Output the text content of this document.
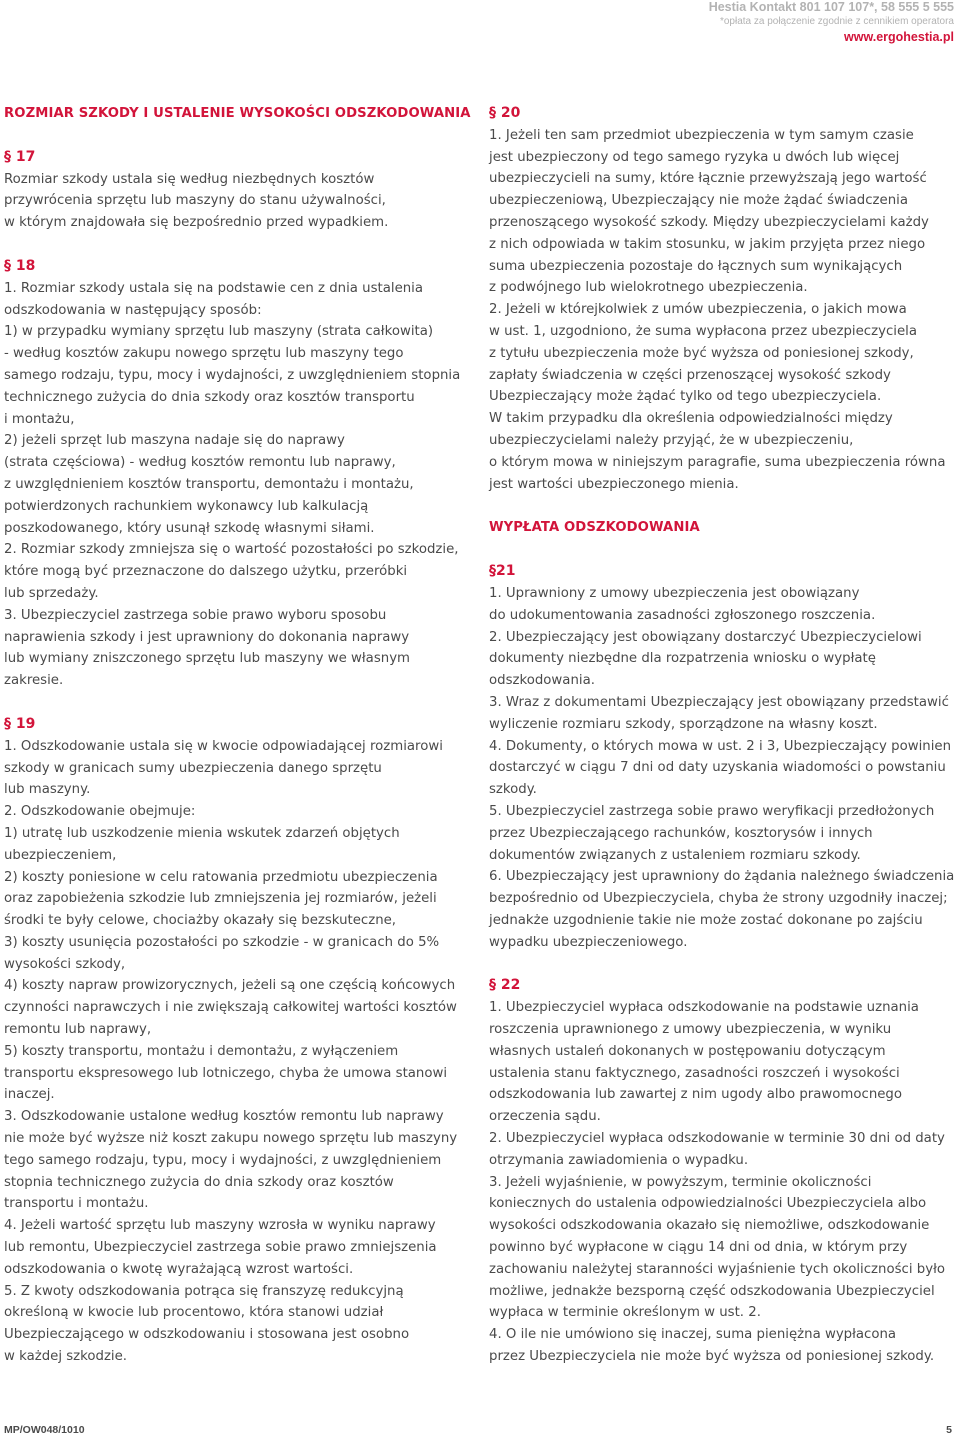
Hestia Kontakt 801 107 107*, 58 555 5 555
*opłata za połączenie zgodnie z cennikiem operatora
www.ergohestia.pl

ROZMIAR SZKODY I USTALENIE WYSOKOŚCI ODSZKODOWANIA

§ 17

Rozmiar szkody ustala się według niezbędnych kosztów

przywrócenia sprzętu lub maszyny do stanu używalności,

w którym znajdowała się bezpośrednio przed wypadkiem.

§ 18

1. Rozmiar szkody ustala się na podstawie cen z dnia ustalenia

odszkodowania w następujący sposób:

1) w przypadku wymiany sprzętu lub maszyny (strata całkowita)

- według kosztów zakupu nowego sprzętu lub maszyny tego

samego rodzaju, typu, mocy i wydajności, z uwzględnieniem stopnia

technicznego zużycia do dnia szkody oraz kosztów transportu

i montażu,

2) jeżeli sprzęt lub maszyna nadaje się do naprawy

(strata częściowa) - według kosztów remontu lub naprawy,

z uwzględnieniem kosztów transportu, demontażu i montażu,

potwierdzonych rachunkiem wykonawcy lub kalkulacją

poszkodowanego, który usunął szkodę własnymi siłami.

2. Rozmiar szkody zmniejsza się o wartość pozostałości po szkodzie,

które mogą być przeznaczone do dalszego użytku, przeróbki

lub sprzedaży.

3. Ubezpieczyciel zastrzega sobie prawo wyboru sposobu

naprawienia szkody i jest uprawniony do dokonania naprawy

lub wymiany zniszczonego sprzętu lub maszyny we własnym

zakresie.

§ 19

1. Odszkodowanie ustala się w kwocie odpowiadającej rozmiarowi

szkody w granicach sumy ubezpieczenia danego sprzętu

lub maszyny.

2. Odszkodowanie obejmuje:

1) utratę lub uszkodzenie mienia wskutek zdarzeń objętych

ubezpieczeniem,

2) koszty poniesione w celu ratowania przedmiotu ubezpieczenia

oraz zapobieżenia szkodzie lub zmniejszenia jej rozmiarów, jeżeli

środki te były celowe, chociażby okazały się bezskuteczne,

3) koszty usunięcia pozostałości po szkodzie - w granicach do 5%

wysokości szkody,

4) koszty napraw prowizorycznych, jeżeli są one częścią końcowych

czynności naprawczych i nie zwiększają całkowitej wartości kosztów

remontu lub naprawy,

5) koszty transportu, montażu i demontażu, z wyłączeniem

transportu ekspresowego lub lotniczego, chyba że umowa stanowi

inaczej.

3. Odszkodowanie ustalone według kosztów remontu lub naprawy

nie może być wyższe niż koszt zakupu nowego sprzętu lub maszyny

tego samego rodzaju, typu, mocy i wydajności, z uwzględnieniem

stopnia technicznego zużycia do dnia szkody oraz kosztów

transportu i montażu.

4. Jeżeli wartość sprzętu lub maszyny wzrosła w wyniku naprawy

lub remontu, Ubezpieczyciel zastrzega sobie prawo zmniejszenia

odszkodowania o kwotę wyrażającą wzrost wartości.

5. Z kwoty odszkodowania potrąca się franszyzę redukcyjną

określoną w kwocie lub procentowo, która stanowi udział

Ubezpieczającego w odszkodowaniu i stosowana jest osobno

w każdej szkodzie.

§ 20

1. Jeżeli ten sam przedmiot ubezpieczenia w tym samym czasie

jest ubezpieczony od tego samego ryzyka u dwóch lub więcej

ubezpieczycieli na sumy, które łącznie przewyższają jego wartość

ubezpieczeniową, Ubezpieczający nie może żądać świadczenia

przenoszącego wysokość szkody. Między ubezpieczycielami każdy

z nich odpowiada w takim stosunku, w jakim przyjęta przez niego

suma ubezpieczenia pozostaje do łącznych sum wynikających

z podwójnego lub wielokrotnego ubezpieczenia.

2. Jeżeli w którejkolwiek z umów ubezpieczenia, o jakich mowa

w ust. 1, uzgodniono, że suma wypłacona przez ubezpieczyciela

z tytułu ubezpieczenia może być wyższa od poniesionej szkody,

zapłaty świadczenia w części przenoszącej wysokość szkody

Ubezpieczający może żądać tylko od tego ubezpieczyciela.

W takim przypadku dla określenia odpowiedzialności między

ubezpieczycielami należy przyjąć, że w ubezpieczeniu,

o którym mowa w niniejszym paragrafie, suma ubezpieczenia równa

jest wartości ubezpieczonego mienia.

WYPŁATA ODSZKODOWANIA

§21

1. Uprawniony z umowy ubezpieczenia jest obowiązany

do udokumentowania zasadności zgłoszonego roszczenia.

2. Ubezpieczający jest obowiązany dostarczyć Ubezpieczycielowi

dokumenty niezbędne dla rozpatrzenia wniosku o wypłatę

odszkodowania.

3. Wraz z dokumentami Ubezpieczający jest obowiązany przedstawić

wyliczenie rozmiaru szkody, sporządzone na własny koszt.

4. Dokumenty, o których mowa w ust. 2 i 3, Ubezpieczający powinien

dostarczyć w ciągu 7 dni od daty uzyskania wiadomości o powstaniu

szkody.

5. Ubezpieczyciel zastrzega sobie prawo weryfikacji przedłożonych

przez Ubezpieczającego rachunków, kosztorysów i innych

dokumentów związanych z ustaleniem rozmiaru szkody.

6. Ubezpieczający jest uprawniony do żądania należnego świadczenia

bezpośrednio od Ubezpieczyciela, chyba że strony uzgodniły inaczej;

jednakże uzgodnienie takie nie może zostać dokonane po zajściu

wypadku ubezpieczeniowego.

§ 22

1. Ubezpieczyciel wypłaca odszkodowanie na podstawie uznania

roszczenia uprawnionego z umowy ubezpieczenia, w wyniku

własnych ustaleń dokonanych w postępowaniu dotyczącym

ustalenia stanu faktycznego, zasadności roszczeń i wysokości

odszkodowania lub zawartej z nim ugody albo prawomocnego

orzeczenia sądu.

2. Ubezpieczyciel wypłaca odszkodowanie w terminie 30 dni od daty

otrzymania zawiadomienia o wypadku.

3. Jeżeli wyjaśnienie, w powyższym, terminie okoliczności

koniecznych do ustalenia odpowiedzialności Ubezpieczyciela albo

wysokości odszkodowania okazało się niemożliwe, odszkodowanie

powinno być wypłacone w ciągu 14 dni od dnia, w którym przy

zachowaniu należytej staranności wyjaśnienie tych okoliczności było

możliwe, jednakże bezsporną część odszkodowania Ubezpieczyciel

wypłaca w terminie określonym w ust. 2.

4. O ile nie umówiono się inaczej, suma pieniężna wypłacona

przez Ubezpieczyciela nie może być wyższa od poniesionej szkody.

MP/OW048/1010	5
